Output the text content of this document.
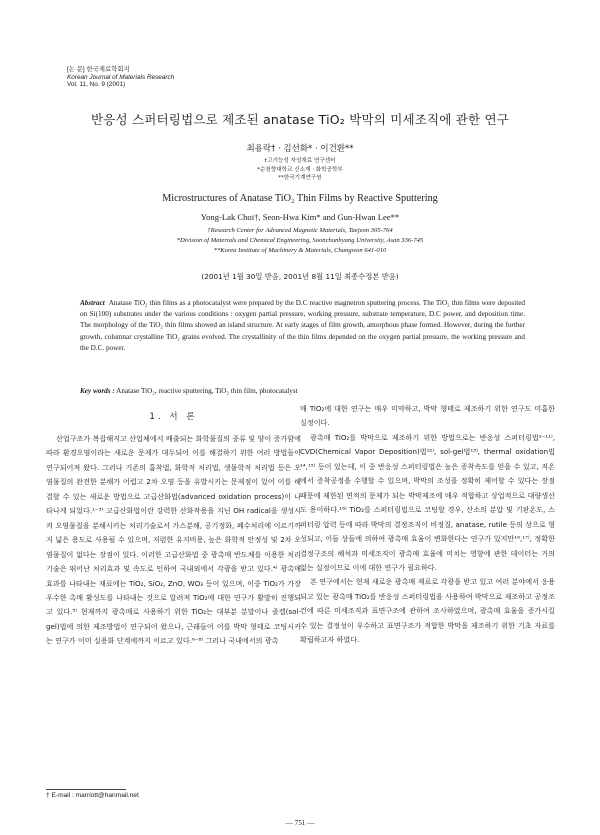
[논 문] 한국재료학회지
Korean Journal of Materials Research
Vol. 11, No. 9 (2001)
반응성 스퍼터링법으로 제조된 anatase TiO₂ 박막의 미세조직에 관한 연구
최용락† · 김선화* · 이건환**
†고기능성 자성재료 연구센터
*순천향대학교 신소재 · 화학공학부
**한국기계연구원
Microstructures of Anatase TiO₂ Thin Films by Reactive Sputtering
Yong-Lak Choi†, Seon-Hwa Kim* and Gun-Hwan Lee**
†Research Center for Advanced Magnetic Materials, Taejeon 305-764
*Division of Materials and Chemical Engineering, Soonchunhyang University, Asan 336-745
**Korea Institute of Machinery & Materials, Changwon 641-010
(2001년 1월 30일 받음, 2001년 8월 11일 최종수정본 받음)
Abstract Anatase TiO₂ thin films as a photocatalyst were prepared by the D.C reactive magnetron sputtering process. The TiO₂ thin films were deposited on Si(100) substrates under the various conditions : oxygen partial pressure, working pressure, substrate temperature, D.C power, and deposition time. The morphology of the TiO₂ thin films showed an island structure. At early stages of film growth, amorphous phase formed. However, during the further growth, columnar crystalline TiO₂ grains evolved. The crystallinity of the thin films depended on the oxygen partial pressure, the working pressure and the D.C. power.
Key words : Anatase TiO₂, reactive sputtering, TiO₂ thin film, photocatalyst
1. 서 론

산업구조가 복잡해지고 산업체에서 배출되는 화학물질의 종류 및 양이 증가함에 따라 환경오염이라는 새로운 문제가 대두되어 이를 해결하기 위한 여러 방법들이 연구되어져 왔다. 그러나 기존의 흡착법, 화학적 처리법, 생물학적 처리법 등은 오염물질의 완전한 분해가 어렵고 2차 오염 등을 유발시키는 문제점이 있어 이를 해결할 수 있는 새로운 방법으로 고급산화법(advanced oxidation process)이 나타나게 되었다.¹⁻³⁾ 고급산화법이란 강력한 산화작용을 지닌 OH radical을 생성시켜 오염물질을 분해시키는 처리기술로서 가스분해, 공기정화, 폐수처리에 이르기까지 넓은 용도로 사용될 수 있으며, 저렴한 유지비용, 높은 화학적 안정성 및 2차 오염물질이 없다는 장점이 있다. 이러한 고급산화법 중 광촉매 반도체를 이용한 처리기술은 뛰어난 처리효과 및 속도로 인하여 국내외에서 각광을 받고 있다.⁴⁾ 광촉매 효과를 나타내는 재료에는 TiO₂, SiO₂, ZnO, WO₃ 등이 있으며, 이중 TiO₂가 가장 우수한 촉매 활성도를 나타내는 것으로 알려져 TiO₂에 대한 연구가 활발히 진행되고 있다.⁵⁾ 현재까지 광촉매로 사용하기 위한 TiO₂는 대부분 분말이나 졸겔(sol-gel)법에 의한 제조방법이 연구되어 왔으나, 근래들어 이를 박막 형태로 코팅시키는 연구가 이미 실용화 단계에까지 이르고 있다.⁶⁻⁸⁾ 그러나 국내에서의 광촉

매 TiO₂에 대한 연구는 매우 미약하고, 박막 형태로 제조하기 위한 연구도 미흡한 실정이다.

광촉매 TiO₂를 박막으로 제조하기 위한 방법으로는 반응성 스퍼터링법⁹⁻¹¹⁾, CVD(Chemical Vapor Deposition)법¹²⁾, sol-gel법¹³⁾, thermal oxidation법¹⁴,¹⁵⁾ 등이 있는데, 이 중 반응성 스퍼터링법은 높은 증착속도를 얻을 수 있고, 저온에서 증착공정을 수행할 수 있으며, 박막의 조성을 정확히 제어할 수 있다는 장점 때문에 제한된 면적의 문제가 되는 박막제조에 매우 적합하고 상업적으로 대량생산도 용이하다.¹⁶⁾ TiO₂를 스퍼터링법으로 코팅할 경우, 산소의 분압 및 기판온도, 스퍼터링 압력 등에 따라 박막의 결정조직이 비정질, anatase, rutile 등의 상으로 형성되고, 이들 상들에 의하여 광촉매 효율이 변화한다는 연구가 있지만¹⁶,¹⁷⁾, 정확한 결정구조의 해석과 미세조직이 광촉매 효율에 미치는 영향에 관한 데이터는 거의 없는 실정이므로 이에 대한 연구가 필요하다.

본 연구에서는 현재 새로운 광촉매 재료로 각광을 받고 있고 여러 분야에서 응용되고 있는 광촉매 TiO₂를 반응성 스퍼터링법을 사용하여 박막으로 제조하고 공정조건에 따른 미세조직과 표면구조에 관하여 조사하였으며, 광촉매 효율을 증가시킬 수 있는 결정성이 우수하고 표면구조가 적합한 박막을 제조하기 위한 기초 자료를 확립하고자 하였다.

† E-mail : marriott@hanmail.net
— 751 —
